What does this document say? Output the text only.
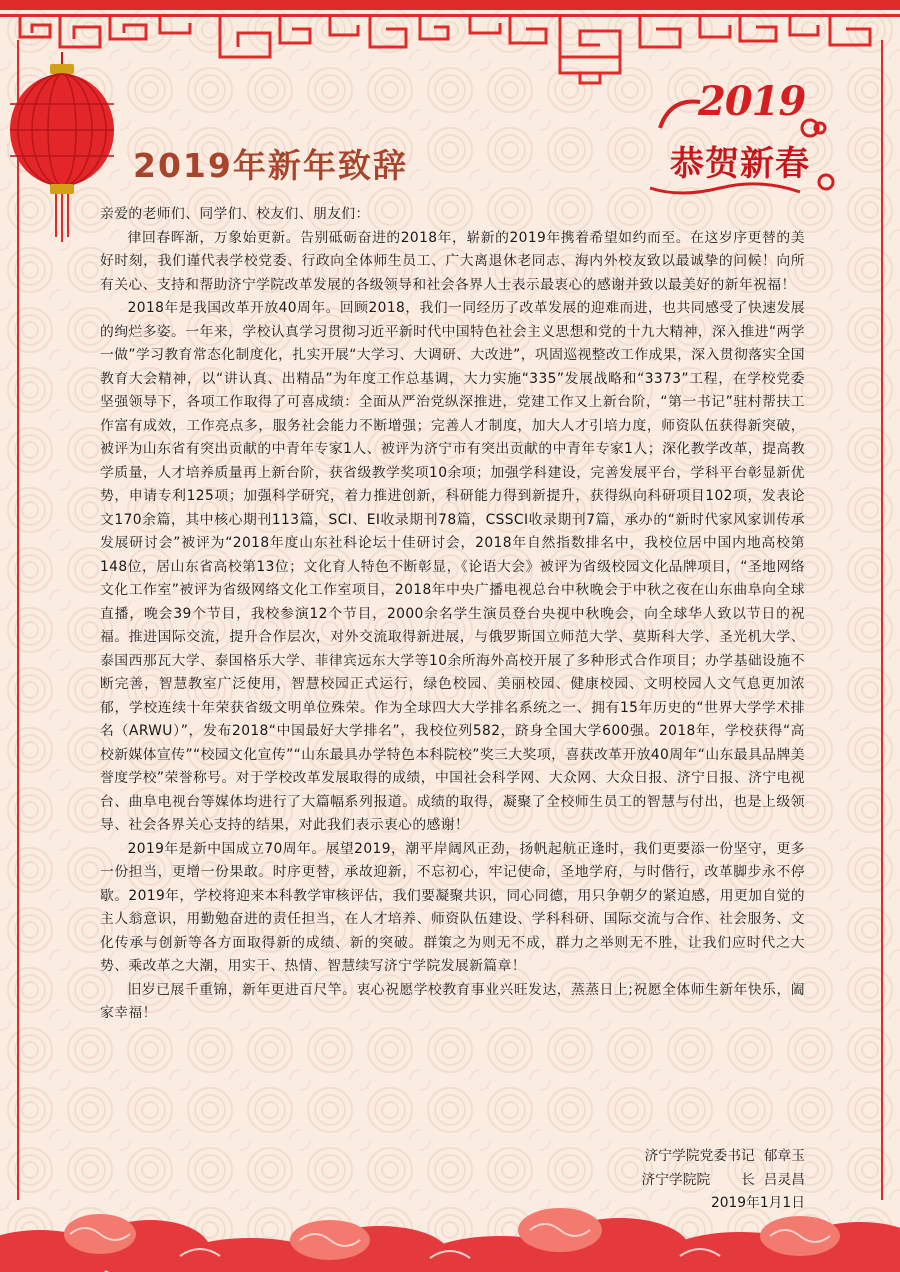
2019
恭贺新春
2019年新年致辞

亲爱的老师们、同学们、校友们、朋友们：

律回春晖渐，万象始更新。告别砥砺奋进的2018年，崭新的2019年携着希望如约而至。在这岁序更替的美好时刻，我们谨代表学校党委、行政向全体师生员工、广大离退休老同志、海内外校友致以最诚挚的问候！向所有关心、支持和帮助济宁学院改革发展的各级领导和社会各界人士表示最衷心的感谢并致以最美好的新年祝福！

2018年是我国改革开放40周年。回顾2018，我们一同经历了改革发展的迎难而进，也共同感受了快速发展的绚烂多姿。一年来，学校认真学习贯彻习近平新时代中国特色社会主义思想和党的十九大精神，深入推进“两学一做”学习教育常态化制度化，扎实开展“大学习、大调研、大改进”，巩固巡视整改工作成果，深入贯彻落实全国教育大会精神，以“讲认真、出精品”为年度工作总基调，大力实施“335”发展战略和“3373”工程，在学校党委坚强领导下，各项工作取得了可喜成绩：全面从严治党纵深推进，党建工作又上新台阶，“第一书记”驻村帮扶工作富有成效，工作亮点多，服务社会能力不断增强；完善人才制度，加大人才引培力度，师资队伍获得新突破，被评为山东省有突出贡献的中青年专家1人、被评为济宁市有突出贡献的中青年专家1人；深化教学改革，提高教学质量，人才培养质量再上新台阶，获省级教学奖项10余项；加强学科建设，完善发展平台，学科平台彰显新优势，申请专利125项；加强科学研究，着力推进创新，科研能力得到新提升，获得纵向科研项目102项，发表论文170余篇，其中核心期刊113篇，SCI、EI收录期刊78篇，CSSCI收录期刊7篇，承办的“新时代家风家训传承发展研讨会”被评为“2018年度山东社科论坛十佳研讨会，2018年自然指数排名中，我校位居中国内地高校第148位，居山东省高校第13位；文化育人特色不断彰显，《论语大会》被评为省级校园文化品牌项目，“圣地网络文化工作室”被评为省级网络文化工作室项目，2018年中央广播电视总台中秋晚会于中秋之夜在山东曲阜向全球直播，晚会39个节目，我校参演12个节目，2000余名学生演员登台央视中秋晚会，向全球华人致以节日的祝福。推进国际交流，提升合作层次，对外交流取得新进展，与俄罗斯国立师范大学、莫斯科大学、圣光机大学、泰国西那瓦大学、泰国格乐大学、菲律宾远东大学等10余所海外高校开展了多种形式合作项目；办学基础设施不断完善，智慧教室广泛使用，智慧校园正式运行，绿色校园、美丽校园、健康校园、文明校园人文气息更加浓郁，学校连续十年荣获省级文明单位殊荣。作为全球四大大学排名系统之一、拥有15年历史的“世界大学学术排名（ARWU）”，发布2018“中国最好大学排名”，我校位列582，跻身全国大学600强。2018年，学校获得“高校新媒体宣传”“校园文化宣传”“山东最具办学特色本科院校”奖三大奖项，喜获改革开放40周年“山东最具品牌美誉度学校”荣誉称号。对于学校改革发展取得的成绩，中国社会科学网、大众网、大众日报、济宁日报、济宁电视台、曲阜电视台等媒体均进行了大篇幅系列报道。成绩的取得，凝聚了全校师生员工的智慧与付出，也是上级领导、社会各界关心支持的结果，对此我们表示衷心的感谢！

2019年是新中国成立70周年。展望2019，潮平岸阔风正劲，扬帆起航正逢时，我们更要添一份坚守，更多一份担当，更增一份果敢。时序更替，承故迎新，不忘初心，牢记使命，圣地学府，与时偕行，改革脚步永不停歇。2019年，学校将迎来本科教学审核评估，我们要凝聚共识，同心同德，用只争朝夕的紧迫感，用更加自觉的主人翁意识，用勤勉奋进的责任担当，在人才培养、师资队伍建设、学科科研、国际交流与合作、社会服务、文化传承与创新等各方面取得新的成绩、新的突破。群策之为则无不成，群力之举则无不胜，让我们应时代之大势、乘改革之大潮，用实干、热情、智慧续写济宁学院发展新篇章！

旧岁已展千重锦，新年更进百尺竿。衷心祝愿学校教育事业兴旺发达，蒸蒸日上;祝愿全体师生新年快乐，阖家幸福！

济宁学院党委书记  郁章玉
济宁学院院       长  吕灵昌
2019年1月1日
